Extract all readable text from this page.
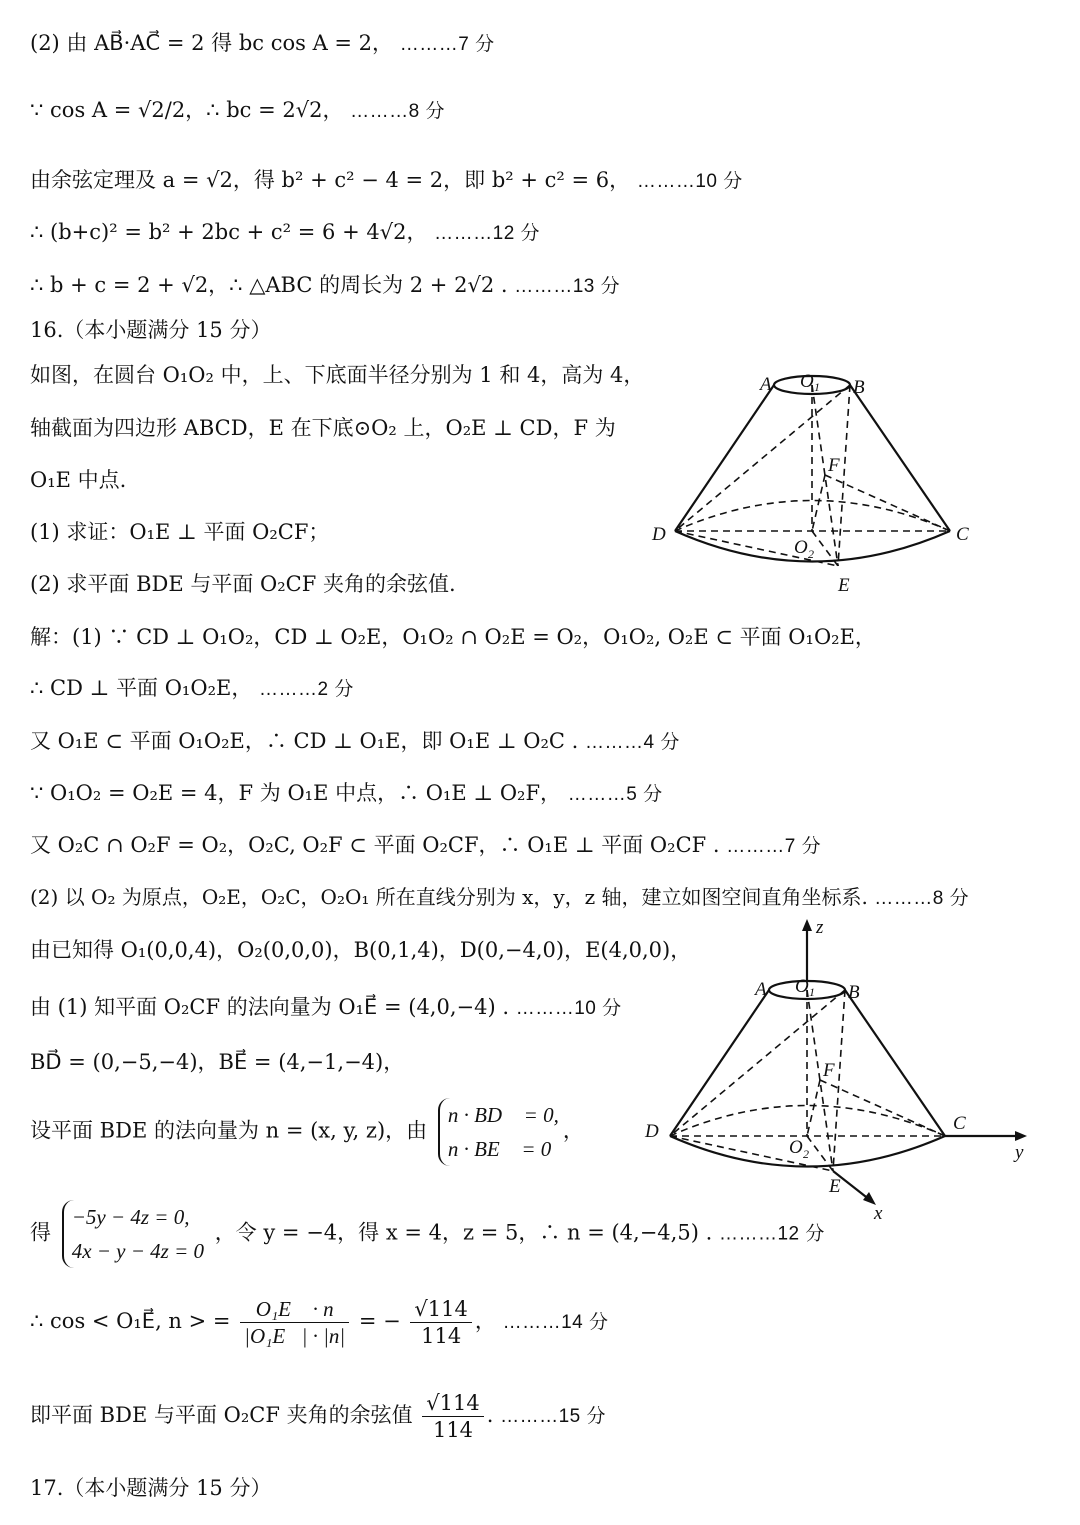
(2) 由 AB⃗·AC⃗ = 2 得 bc cos A = 2， ………7 分
∵ cos A = √2/2，∴ bc = 2√2， ………8 分
由余弦定理及 a = √2，得 b² + c² − 4 = 2，即 b² + c² = 6， ………10 分
∴ (b+c)² = b² + 2bc + c² = 6 + 4√2， ………12 分
∴ b + c = 2 + √2，∴ △ABC 的周长为 2 + 2√2 . ………13 分
16.（本小题满分 15 分）
如图，在圆台 O₁O₂ 中，上、下底面半径分别为 1 和 4，高为 4，
轴截面为四边形 ABCD，E 在下底⊙O₂ 上，O₂E ⊥ CD，F 为
O₁E 中点.
(1) 求证：O₁E ⊥ 平面 O₂CF；
(2) 求平面 BDE 与平面 O₂CF 夹角的余弦值.
解：(1) ∵ CD ⊥ O₁O₂，CD ⊥ O₂E，O₁O₂ ∩ O₂E = O₂，O₁O₂, O₂E ⊂ 平面 O₁O₂E，
∴ CD ⊥ 平面 O₁O₂E， ………2 分
又 O₁E ⊂ 平面 O₁O₂E，∴ CD ⊥ O₁E，即 O₁E ⊥ O₂C . ………4 分
∵ O₁O₂ = O₂E = 4，F 为 O₁E 中点，∴ O₁E ⊥ O₂F， ………5 分
又 O₂C ∩ O₂F = O₂，O₂C, O₂F ⊂ 平面 O₂CF，∴ O₁E ⊥ 平面 O₂CF . ………7 分
(2) 以 O₂ 为原点，O₂E，O₂C，O₂O₁ 所在直线分别为 x，y，z 轴，建立如图空间直角坐标系. ………8 分
由已知得 O₁(0,0,4)，O₂(0,0,0)，B(0,1,4)，D(0,−4,0)，E(4,0,0)，
由 (1) 知平面 O₂CF 的法向量为 O₁E⃗ = (4,0,−4) . ………10 分
BD⃗ = (0,−5,−4)，BE⃗ = (4,−1,−4)，
设平面 BDE 的法向量为 n = (x, y, z)，由
n · BD⃗ = 0,
n · BE⃗ = 0
，
得
−5y − 4z = 0,
4x − y − 4z = 0
，令 y = −4，得 x = 4，z = 5，∴ n = (4,−4,5) . ………12 分
∴ cos < O₁E⃗, n > = $\frac{\text{O₁E⃗ · n}}{\text{|O₁E⃗| · |n|}}$ = − $\frac{√114}{114}$ ， ………14 分
即平面 BDE 与平面 O₂CF 夹角的余弦值 $\frac{√114}{114}$ . ………15 分
17.（本小题满分 15 分）
A	B
C
D
E
F
O 1
O 2
A	B
C
D
E
F
O 1
O 2
x
y
z
